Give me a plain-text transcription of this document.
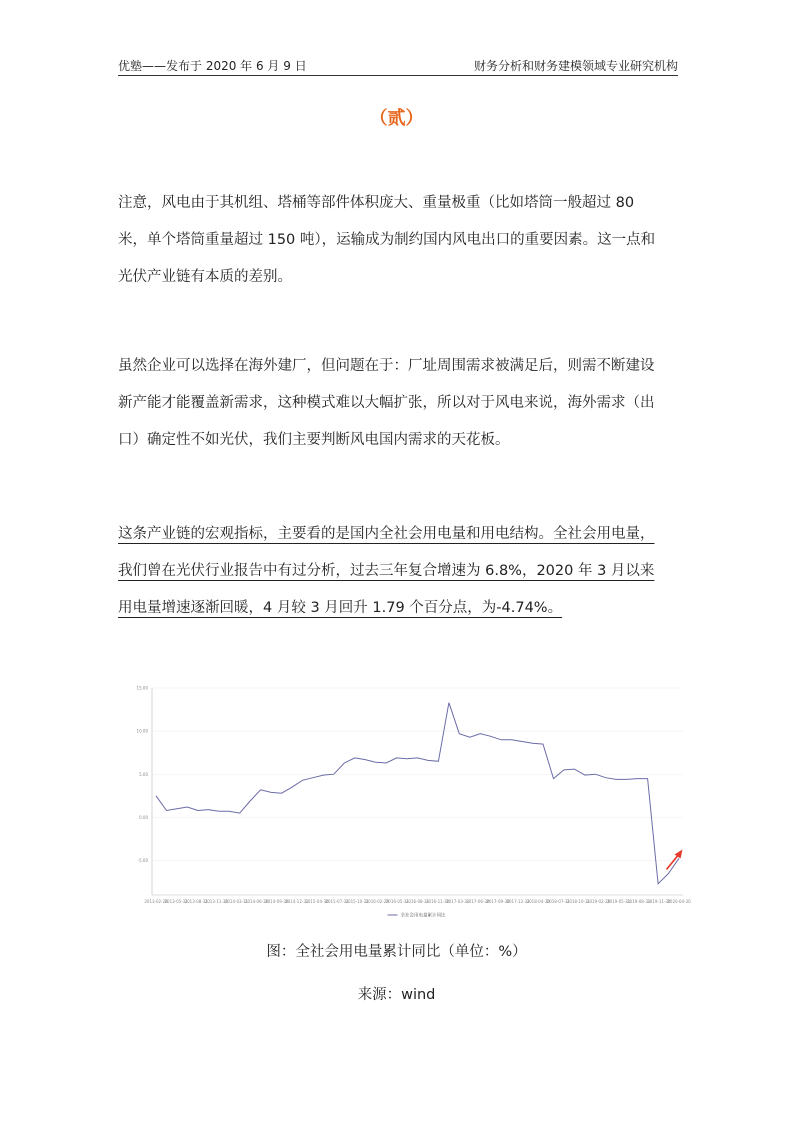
优塾——发布于 2020 年 6 月 9 日	财务分析和财务建模领域专业研究机构
（贰）
注意，风电由于其机组、塔桶等部件体积庞大、重量极重（比如塔筒一般超过 80 米，单个塔筒重量超过 150 吨），运输成为制约国内风电出口的重要因素。这一点和光伏产业链有本质的差别。
虽然企业可以选择在海外建厂，但问题在于：厂址周围需求被满足后，则需不断建设新产能才能覆盖新需求，这种模式难以大幅扩张，所以对于风电来说，海外需求（出口）确定性不如光伏，我们主要判断风电国内需求的天花板。
这条产业链的宏观指标，主要看的是国内全社会用电量和用电结构。全社会用电量，我们曾在光伏行业报告中有过分析，过去三年复合增速为 6.8%，2020 年 3 月以来用电量增速逐渐回暖，4 月较 3 月回升 1.79 个百分点，为-4.74%。
15.00
10.00
5.00
0.00
-5.00
2013-02-28
2013-05-31
2013-08-31
2013-11-30
2014-03-31
2014-06-30
2014-09-30
2014-12-31
2015-04-30
2015-07-31
2015-10-31
2016-02-29
2016-05-31
2016-08-31
2016-11-30
2017-03-31
2017-06-30
2017-09-30
2017-12-31
2018-04-30
2018-07-31
2018-10-31
2019-02-28
2019-05-31
2019-08-31
2019-11-30
2020-04-30
全社会用电量累计同比
图：全社会用电量累计同比（单位：%）
来源：wind
